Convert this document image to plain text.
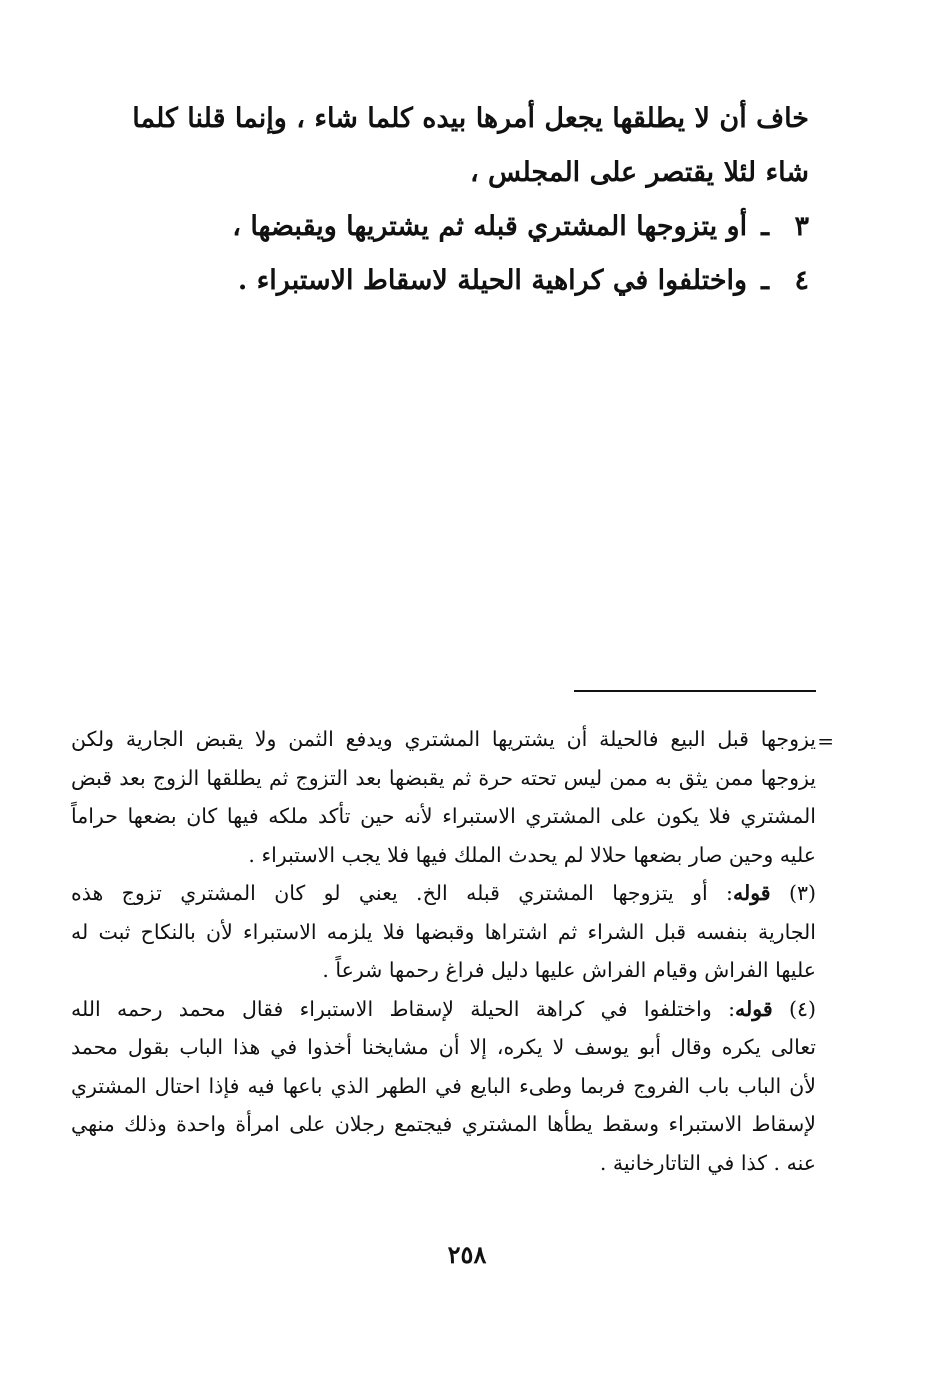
خاف أن لا يطلقها يجعل أمرها بيده كلما شاء ، وإنما قلنا كلما
شاء لئلا يقتصر على المجلس ،
٣ـأو يتزوجها المشتري قبله ثم يشتريها ويقبضها ،
٤ـواختلفوا في كراهية الحيلة لاسقاط الاستبراء .
=
يزوجها قبل البيع فالحيلة أن يشتريها المشتري ويدفع الثمن ولا يقبض الجارية ولكن
يزوجها ممن يثق به ممن ليس تحته حرة ثم يقبضها بعد التزوج ثم يطلقها الزوج بعد قبض
المشتري فلا يكون على المشتري الاستبراء لأنه حين تأكد ملكه فيها كان بضعها حراماً
عليه وحين صار بضعها حلالا لم يحدث الملك فيها فلا يجب الاستبراء .
(٣) قوله: أو يتزوجها المشتري قبله الخ. يعني لو كان المشتري تزوج هذه
الجارية بنفسه قبل الشراء ثم اشتراها وقبضها فلا يلزمه الاستبراء لأن بالنكاح ثبت له
عليها الفراش وقيام الفراش عليها دليل فراغ رحمها شرعاً .
(٤) قوله: واختلفوا في كراهة الحيلة لإسقاط الاستبراء فقال محمد رحمه الله
تعالى يكره وقال أبو يوسف لا يكره، إلا أن مشايخنا أخذوا في هذا الباب بقول محمد
لأن الباب باب الفروج فربما وطىء البايع في الطهر الذي باعها فيه فإذا احتال المشتري
لإسقاط الاستبراء وسقط يطأها المشتري فيجتمع رجلان على امرأة واحدة وذلك منهي
عنه . كذا في التاتارخانية .
٢٥٨
